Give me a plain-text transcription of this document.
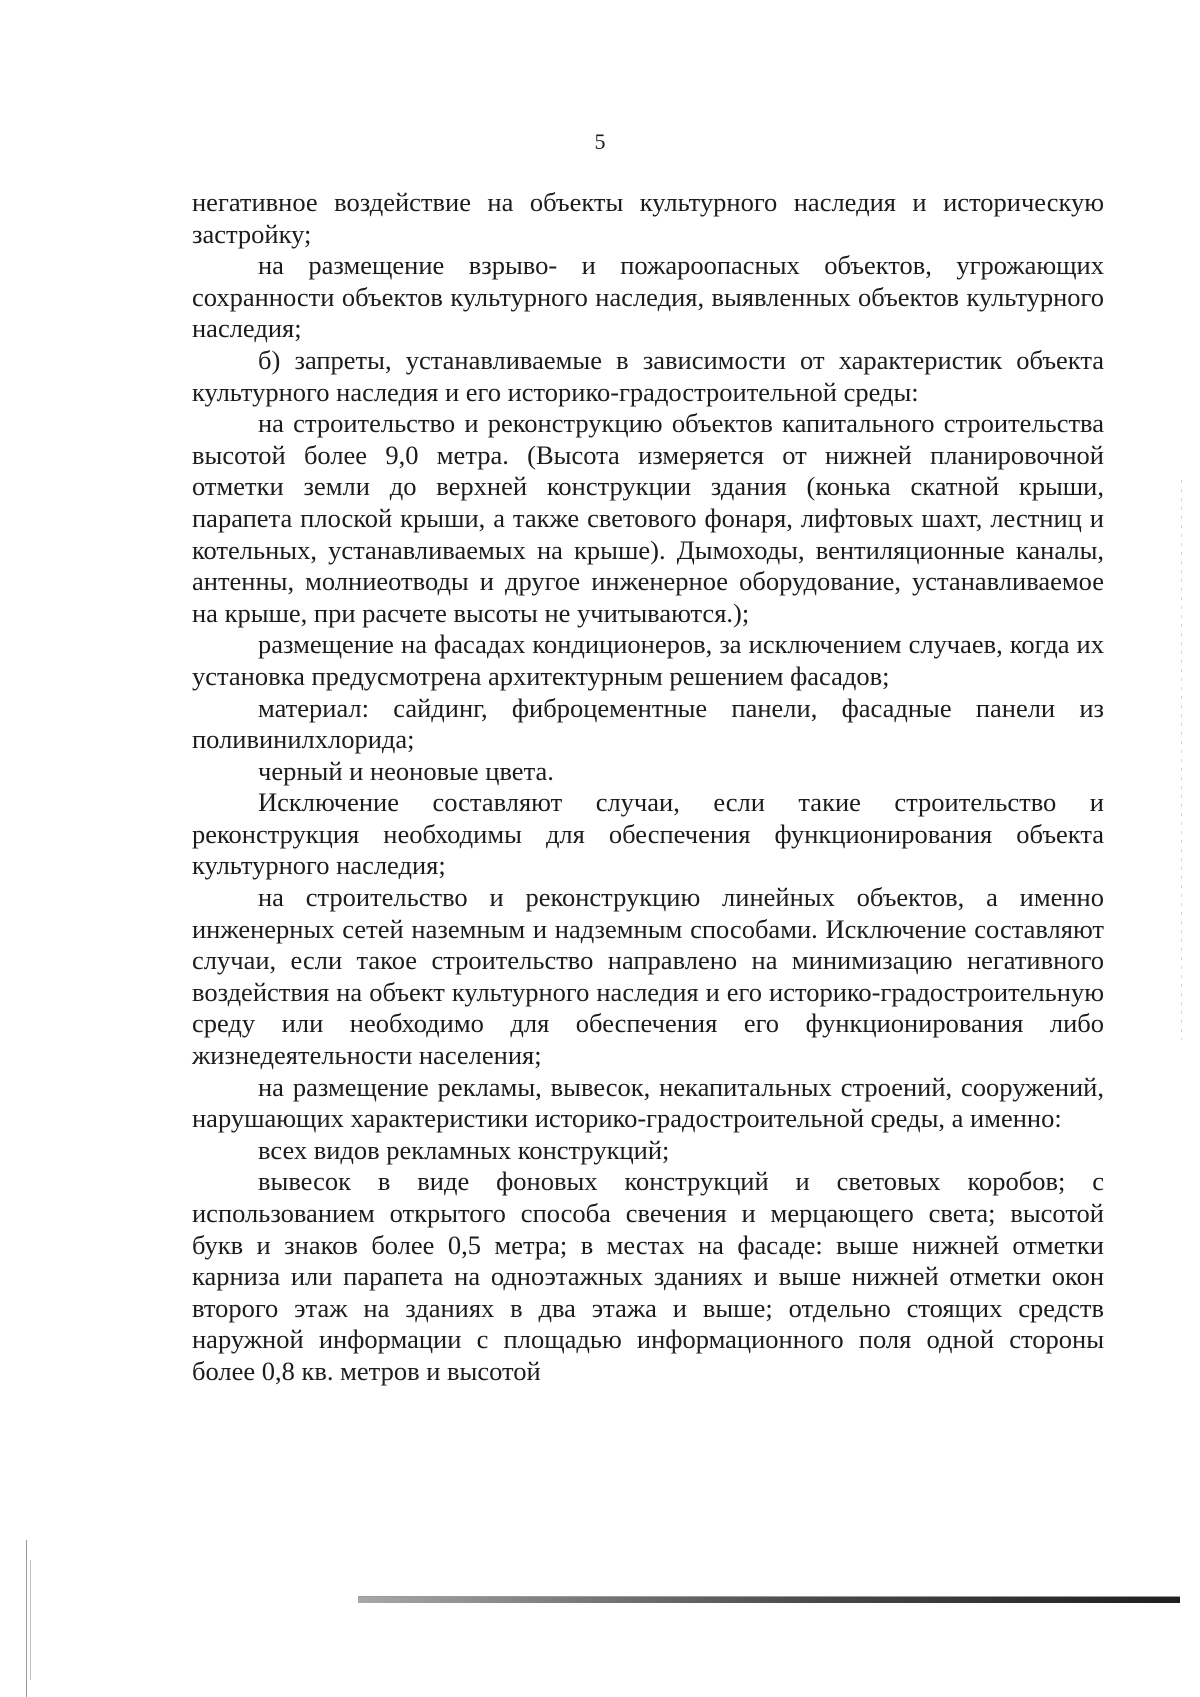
5

негативное воздействие на объекты культурного наследия и историческую застройку;

на размещение взрыво- и пожароопасных объектов, угрожающих сохранности объектов культурного наследия, выявленных объектов культурного наследия;

б) запреты, устанавливаемые в зависимости от характеристик объекта культурного наследия и его историко-градостроительной среды:

на строительство и реконструкцию объектов капитального строительства высотой более 9,0 метра. (Высота измеряется от нижней планировочной отметки земли до верхней конструкции здания (конька скатной крыши, парапета плоской крыши, а также светового фонаря, лифтовых шахт, лестниц и котельных, устанавливаемых на крыше). Дымоходы, вентиляционные каналы, антенны, молниеотводы и другое инженерное оборудование, устанавливаемое на крыше, при расчете высоты не учитываются.);

размещение на фасадах кондиционеров, за исключением случаев, когда их установка предусмотрена архитектурным решением фасадов;

материал: сайдинг, фиброцементные панели, фасадные панели из поливинилхлорида;

черный и неоновые цвета.

Исключение составляют случаи, если такие строительство и реконструкция необходимы для обеспечения функционирования объекта культурного наследия;

на строительство и реконструкцию линейных объектов, а именно инженерных сетей наземным и надземным способами. Исключение составляют случаи, если такое строительство направлено на минимизацию негативного воздействия на объект культурного наследия и его историко-градостроительную среду или необходимо для обеспечения его функционирования либо жизнедеятельности населения;

на размещение рекламы, вывесок, некапитальных строений, сооружений, нарушающих характеристики историко-градостроительной среды, а именно:

всех видов рекламных конструкций;

вывесок в виде фоновых конструкций и световых коробов; с использованием открытого способа свечения и мерцающего света; высотой букв и знаков более 0,5 метра; в местах на фасаде: выше нижней отметки карниза или парапета на одноэтажных зданиях и выше нижней отметки окон второго этаж на зданиях в два этажа и выше; отдельно стоящих средств наружной информации с площадью информационного поля одной стороны более 0,8 кв. метров и высотой
